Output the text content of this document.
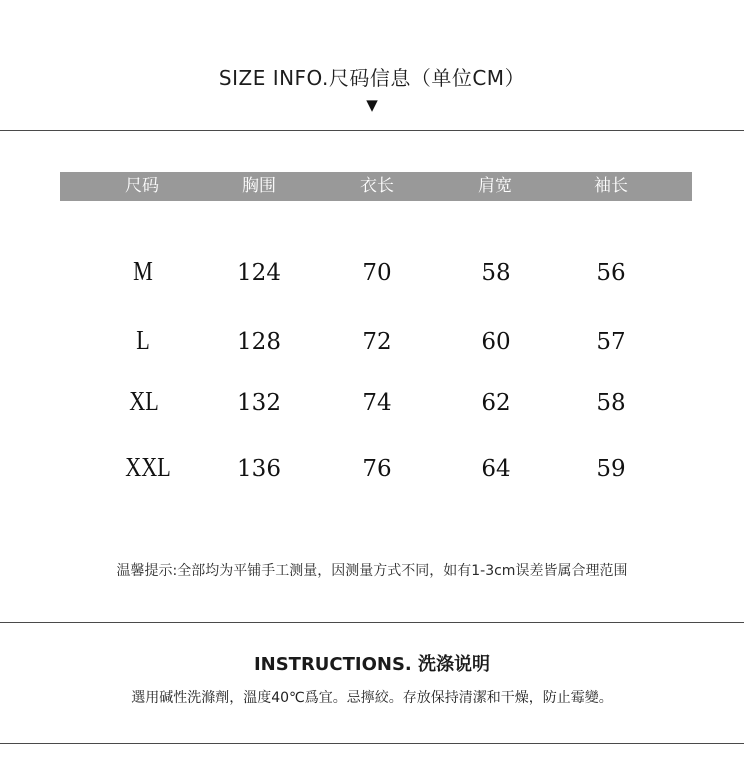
SIZE INFO.尺码信息（单位CM）
▼
尺码	胸围	衣长	肩宽	袖长
M	124	70	58	56
L	128	72	60	57
XL	132	74	62	58
XXL	136	76	64	59
温馨提示:全部均为平铺手工测量，因测量方式不同，如有1-3cm误差皆属合理范围
INSTRUCTIONS. 洗涤说明
選用碱性洗滌劑，溫度40℃爲宜。忌擰絞。存放保持清潔和干燥，防止霉變。
